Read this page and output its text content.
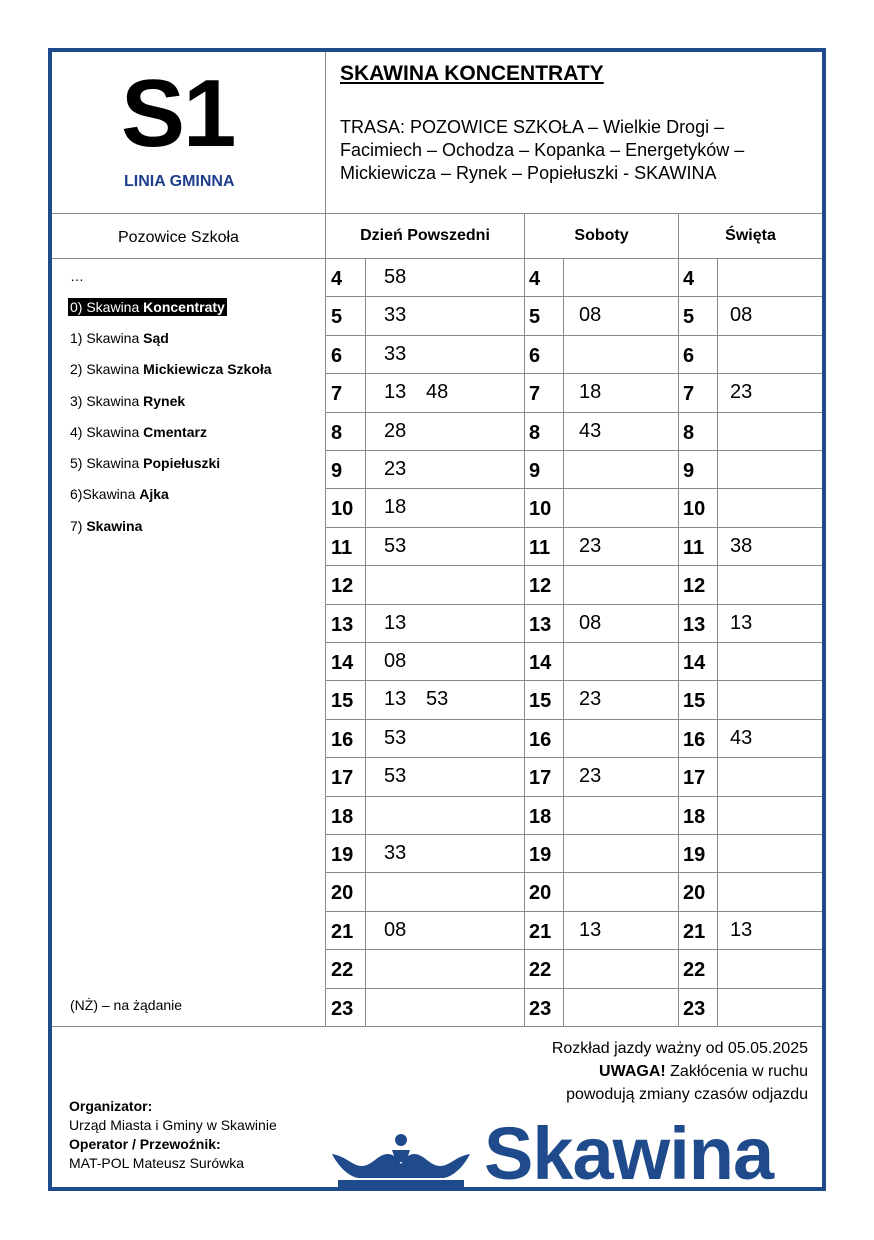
S1
LINIA GMINNA
SKAWINA KONCENTRATY
TRASA: POZOWICE SZKOŁA – Wielkie Drogi –
Facimiech – Ochodza – Kopanka – Energetyków –
Mickiewicza – Rynek – Popiełuszki - SKAWINA
Pozowice Szkoła	Dzień Powszedni	Soboty	Święta
…
0) Skawina Koncentraty
1) Skawina Sąd
2) Skawina Mickiewicza Szkoła
3) Skawina Rynek
4) Skawina Cmentarz
5) Skawina Popiełuszki
6)Skawina Ajka
7) Skawina
(NŻ) – na żądanie
4 58	4	4
5 33	5 08	5 08
6 33	6	6
7 13 48	7 18	7 23
8 28	8 43	8
9 23	9	9
10 18	10	10
11 53	11 23	11 38
12	12	12
13 13	13 08	13 13
14 08	14	14
15 13 53	15 23	15
16 53	16	16 43
17 53	17 23	17
18	18	18
19 33	19	19
20	20	20
21 08	21 13	21 13
22	22	22
23	23	23
Rozkład jazdy ważny od 05.05.2025
UWAGA! Zakłócenia w ruchu
powodują zmiany czasów odjazdu
Organizator:
Urząd Miasta i Gminy w Skawinie
Operator / Przewoźnik:
MAT-POL Mateusz Surówka	Skawina
